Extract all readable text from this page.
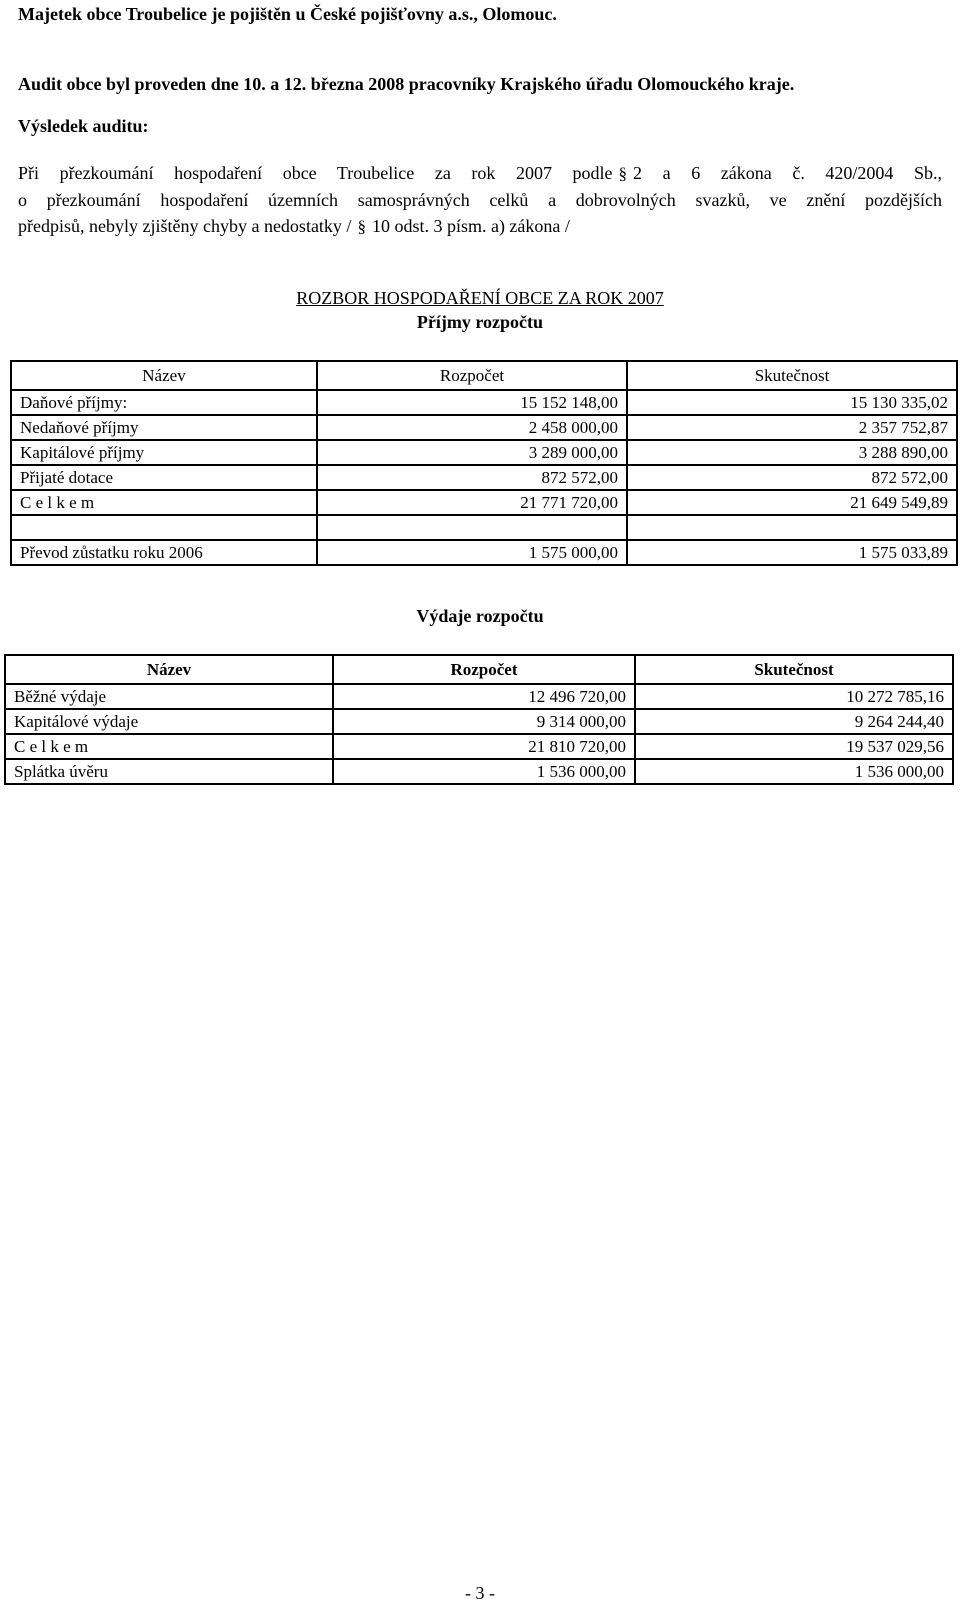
Majetek obce Troubelice je pojištěn u České pojišťovny a.s., Olomouc.
Audit obce byl proveden dne 10. a 12. března 2008 pracovníky Krajského úřadu Olomouckého kraje.
Výsledek auditu:
Při přezkoumání hospodaření obce Troubelice za rok 2007 podle § 2 a 6 zákona č. 420/2004 Sb.,
o přezkoumání hospodaření územních samosprávných celků a dobrovolných svazků, ve znění pozdějších
předpisů, nebyly zjištěny chyby a nedostatky / § 10 odst. 3 písm. a) zákona /
ROZBOR HOSPODAŘENÍ OBCE ZA ROK 2007
Příjmy rozpočtu
Název	Rozpočet	Skutečnost
Daňové příjmy:	15 152 148,00	15 130 335,02
Nedaňové příjmy	2 458 000,00	2 357 752,87
Kapitálové příjmy	3 289 000,00	3 288 890,00
Přijaté dotace	872 572,00	872 572,00
C e l k e m	21 771 720,00	21 649 549,89

Převod zůstatku roku 2006	1 575 000,00	1 575 033,89
Výdaje rozpočtu
Název	Rozpočet	Skutečnost
Běžné výdaje	12 496 720,00	10 272 785,16
Kapitálové výdaje	9 314 000,00	9 264 244,40
C e l k e m	21 810 720,00	19 537 029,56
Splátka úvěru	1 536 000,00	1 536 000,00
- 3 -
